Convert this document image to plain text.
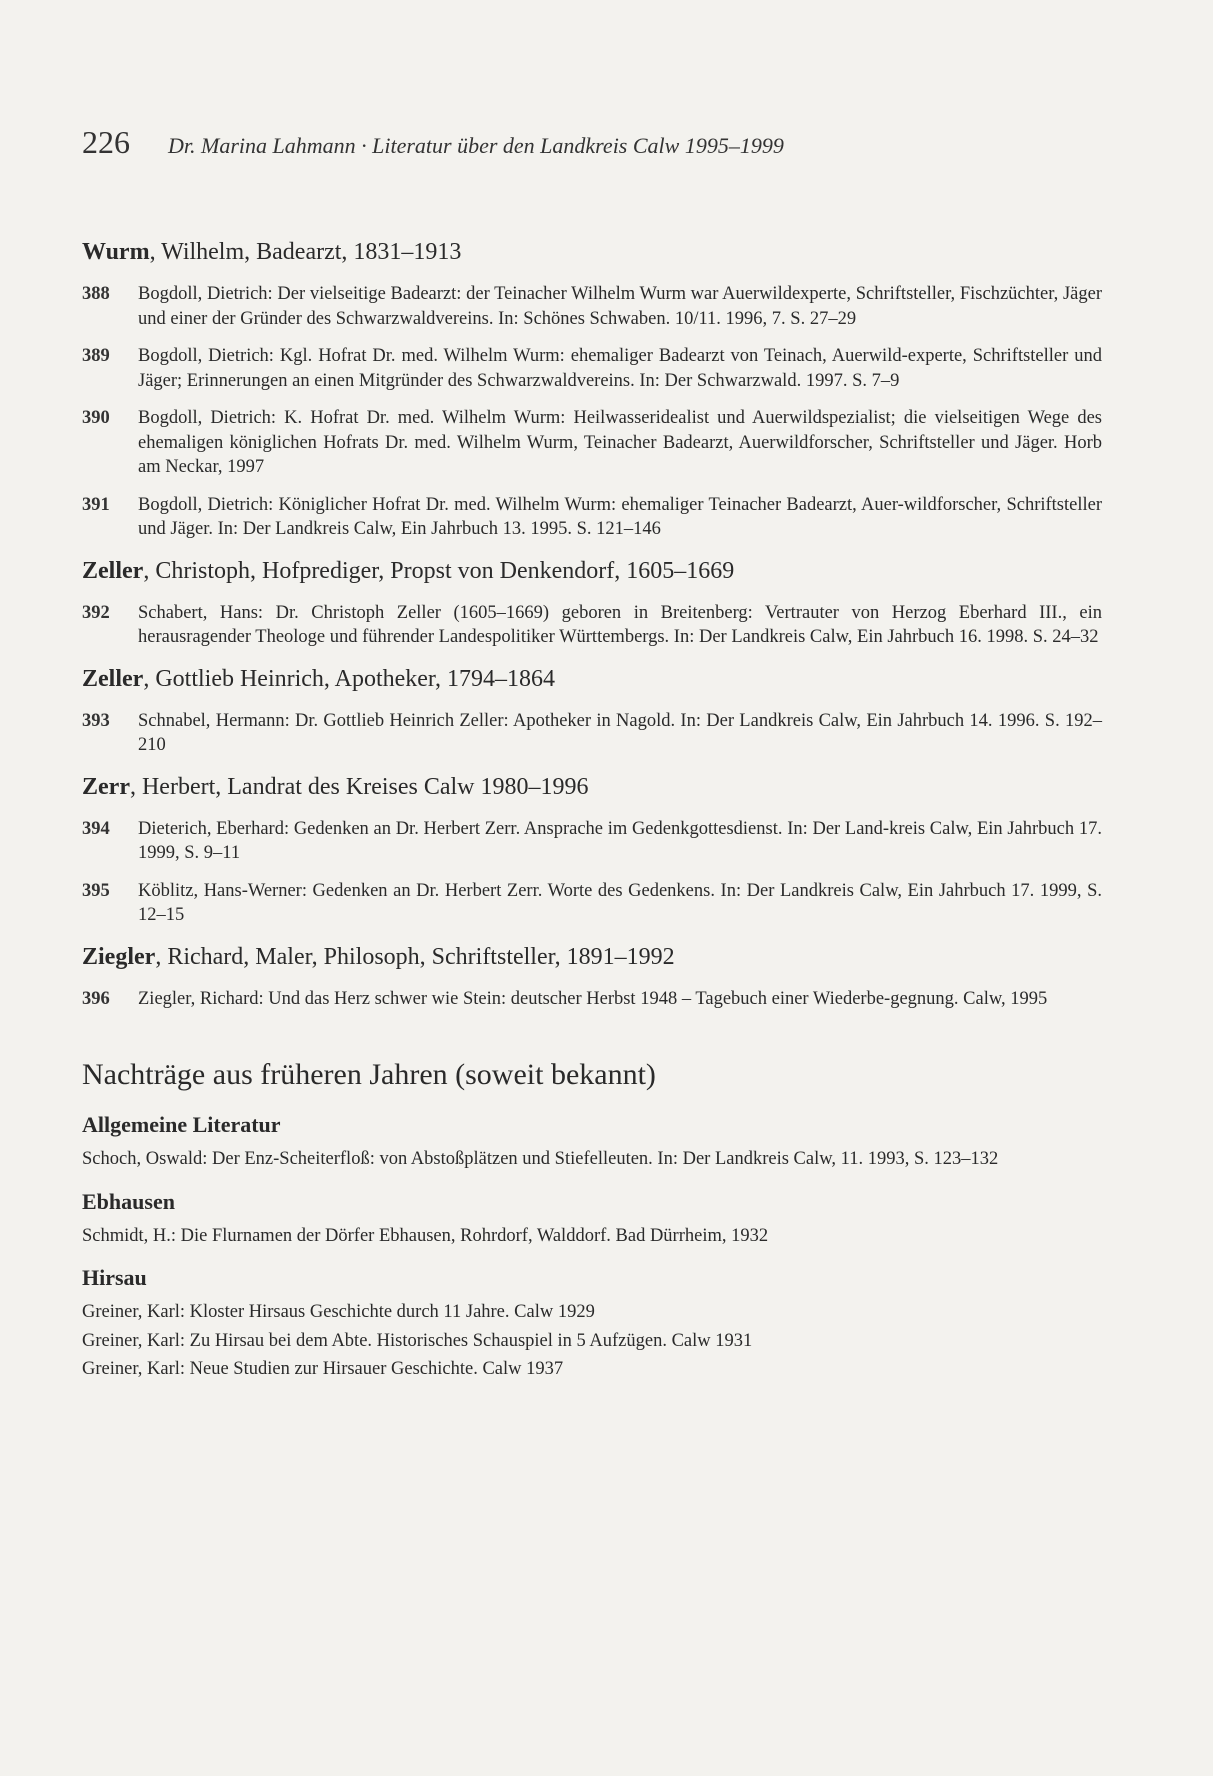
226 Dr. Marina Lahmann · Literatur über den Landkreis Calw 1995–1999
Wurm, Wilhelm, Badearzt, 1831–1913
388	Bogdoll, Dietrich: Der vielseitige Badearzt: der Teinacher Wilhelm Wurm war Auerwildexperte, Schriftsteller, Fischzüchter, Jäger und einer der Gründer des Schwarzwaldvereins. In: Schönes Schwaben. 10/11. 1996, 7. S. 27–29
389	Bogdoll, Dietrich: Kgl. Hofrat Dr. med. Wilhelm Wurm: ehemaliger Badearzt von Teinach, Auerwild-experte, Schriftsteller und Jäger; Erinnerungen an einen Mitgründer des Schwarzwaldvereins. In: Der Schwarzwald. 1997. S. 7–9
390	Bogdoll, Dietrich: K. Hofrat Dr. med. Wilhelm Wurm: Heilwasseridealist und Auerwildspezialist; die vielseitigen Wege des ehemaligen königlichen Hofrats Dr. med. Wilhelm Wurm, Teinacher Badearzt, Auerwildforscher, Schriftsteller und Jäger. Horb am Neckar, 1997
391	Bogdoll, Dietrich: Königlicher Hofrat Dr. med. Wilhelm Wurm: ehemaliger Teinacher Badearzt, Auer-wildforscher, Schriftsteller und Jäger. In: Der Landkreis Calw, Ein Jahrbuch 13. 1995. S. 121–146
Zeller, Christoph, Hofprediger, Propst von Denkendorf, 1605–1669
392	Schabert, Hans: Dr. Christoph Zeller (1605–1669) geboren in Breitenberg: Vertrauter von Herzog Eberhard III., ein herausragender Theologe und führender Landespolitiker Württembergs. In: Der Landkreis Calw, Ein Jahrbuch 16. 1998. S. 24–32
Zeller, Gottlieb Heinrich, Apotheker, 1794–1864
393	Schnabel, Hermann: Dr. Gottlieb Heinrich Zeller: Apotheker in Nagold. In: Der Landkreis Calw, Ein Jahrbuch 14. 1996. S. 192–210
Zerr, Herbert, Landrat des Kreises Calw 1980–1996
394	Dieterich, Eberhard: Gedenken an Dr. Herbert Zerr. Ansprache im Gedenkgottesdienst. In: Der Land-kreis Calw, Ein Jahrbuch 17. 1999, S. 9–11
395	Köblitz, Hans-Werner: Gedenken an Dr. Herbert Zerr. Worte des Gedenkens. In: Der Landkreis Calw, Ein Jahrbuch 17. 1999, S. 12–15
Ziegler, Richard, Maler, Philosoph, Schriftsteller, 1891–1992
396	Ziegler, Richard: Und das Herz schwer wie Stein: deutscher Herbst 1948 – Tagebuch einer Wiederbe-gegnung. Calw, 1995
Nachträge aus früheren Jahren (soweit bekannt)
Allgemeine Literatur
Schoch, Oswald: Der Enz-Scheiterfloß: von Abstoßplätzen und Stiefelleuten. In: Der Landkreis Calw, 11. 1993, S. 123–132
Ebhausen
Schmidt, H.: Die Flurnamen der Dörfer Ebhausen, Rohrdorf, Walddorf. Bad Dürrheim, 1932
Hirsau
Greiner, Karl: Kloster Hirsaus Geschichte durch 11 Jahre. Calw 1929
Greiner, Karl: Zu Hirsau bei dem Abte. Historisches Schauspiel in 5 Aufzügen. Calw 1931
Greiner, Karl: Neue Studien zur Hirsauer Geschichte. Calw 1937
